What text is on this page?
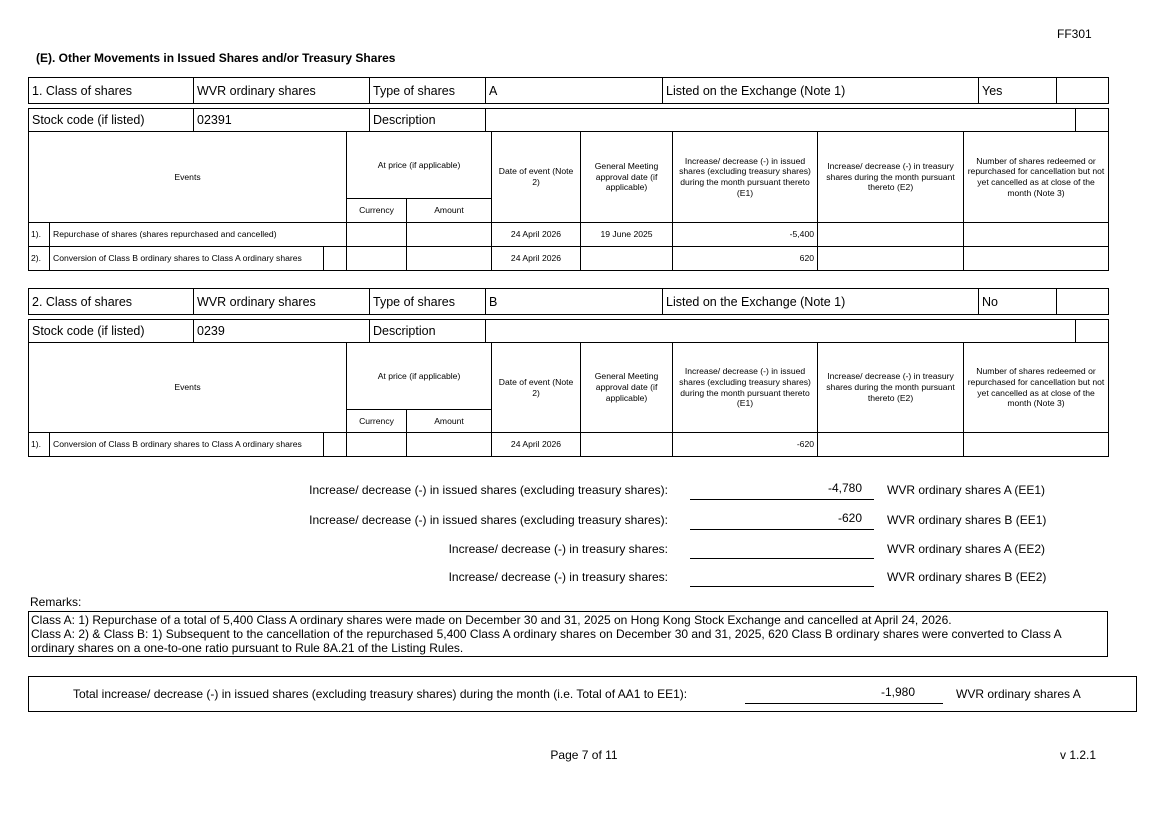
FF301
(E). Other Movements in Issued Shares and/or Treasury Shares
1. Class of shares	WVR ordinary shares	Type of shares	A	Listed on the Exchange (Note 1)	Yes	
Stock code (if listed)	02391	Description		
Events			At price (if applicable)		Date of event (Note 2)	General Meeting approval date (if applicable)	Increase/ decrease (-) in issued shares (excluding treasury shares) during the month pursuant thereto (E1)	Increase/ decrease (-) in treasury shares during the month pursuant thereto (E2)	Number of shares redeemed or repurchased for cancellation but not yet cancelled as at close of the month (Note 3)
			Currency	Amount					
1).	Repurchase of shares (shares repurchased and cancelled)				24 April 2026	19 June 2025	-5,400		
2).	Conversion of Class B ordinary shares to Class A ordinary shares				24 April 2026		620		
2. Class of shares	WVR ordinary shares	Type of shares	B	Listed on the Exchange (Note 1)	No	
Stock code (if listed)	0239	Description		
Events			At price (if applicable)		Date of event (Note 2)	General Meeting approval date (if applicable)	Increase/ decrease (-) in issued shares (excluding treasury shares) during the month pursuant thereto (E1)	Increase/ decrease (-) in treasury shares during the month pursuant thereto (E2)	Number of shares redeemed or repurchased for cancellation but not yet cancelled as at close of the month (Note 3)
			Currency	Amount					
1).	Conversion of Class B ordinary shares to Class A ordinary shares				24 April 2026		-620		
Increase/ decrease (-) in issued shares (excluding treasury shares):	-4,780	WVR ordinary shares A (EE1)
Increase/ decrease (-) in issued shares (excluding treasury shares):	-620	WVR ordinary shares B (EE1)
Increase/ decrease (-) in treasury shares:	WVR ordinary shares A (EE2)
Increase/ decrease (-) in treasury shares:	WVR ordinary shares B (EE2)
Remarks:
Class A: 1) Repurchase of a total of 5,400 Class A ordinary shares were made on December 30 and 31, 2025 on Hong Kong Stock Exchange and cancelled at April 24, 2026.
Class A: 2) & Class B: 1) Subsequent to the cancellation of the repurchased 5,400 Class A ordinary shares on December 30 and 31, 2025, 620 Class B ordinary shares were converted to Class A ordinary shares on a one-to-one ratio pursuant to Rule 8A.21 of the Listing Rules.
Total increase/ decrease (-) in issued shares (excluding treasury shares) during the month (i.e. Total of AA1 to EE1):	-1,980	WVR ordinary shares A
Page 7 of 11	v 1.2.1
